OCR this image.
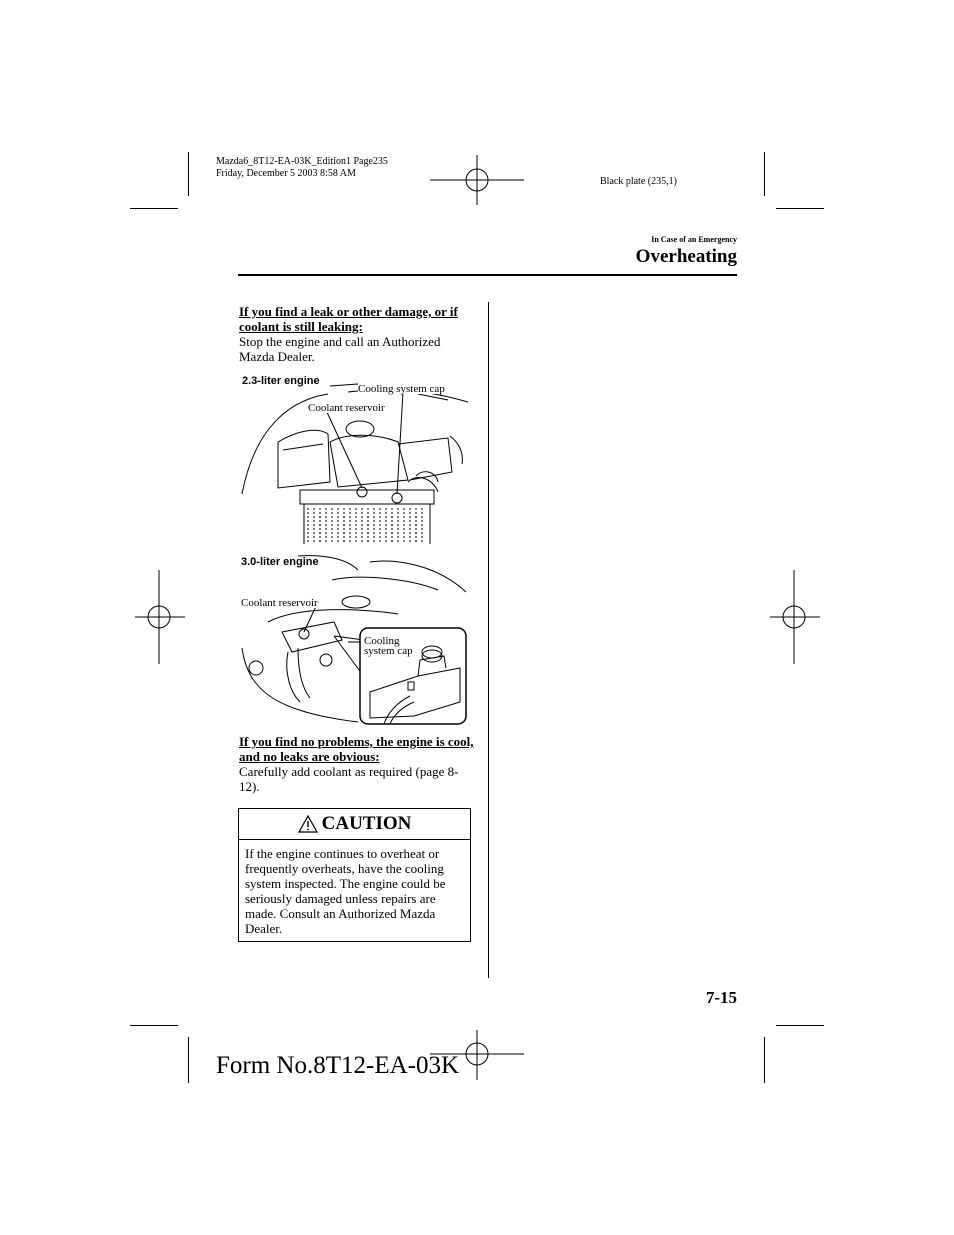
Mazda6_8T12-EA-03K_Edition1 Page235
Friday, December 5 2003 8:58 AM
Black plate (235,1)
In Case of an Emergency
Overheating
If you find a leak or other damage, or if coolant is still leaking:
Stop the engine and call an Authorized Mazda Dealer.
2.3-liter engine
Cooling system cap
Coolant reservoir
3.0-liter engine
Coolant reservoir
Cooling
system cap
If you find no problems, the engine is cool, and no leaks are obvious:
Carefully add coolant as required (page 8-12).
CAUTION
If the engine continues to overheat or frequently overheats, have the cooling system inspected. The engine could be seriously damaged unless repairs are made. Consult an Authorized Mazda Dealer.
7-15
Form No.8T12-EA-03K
